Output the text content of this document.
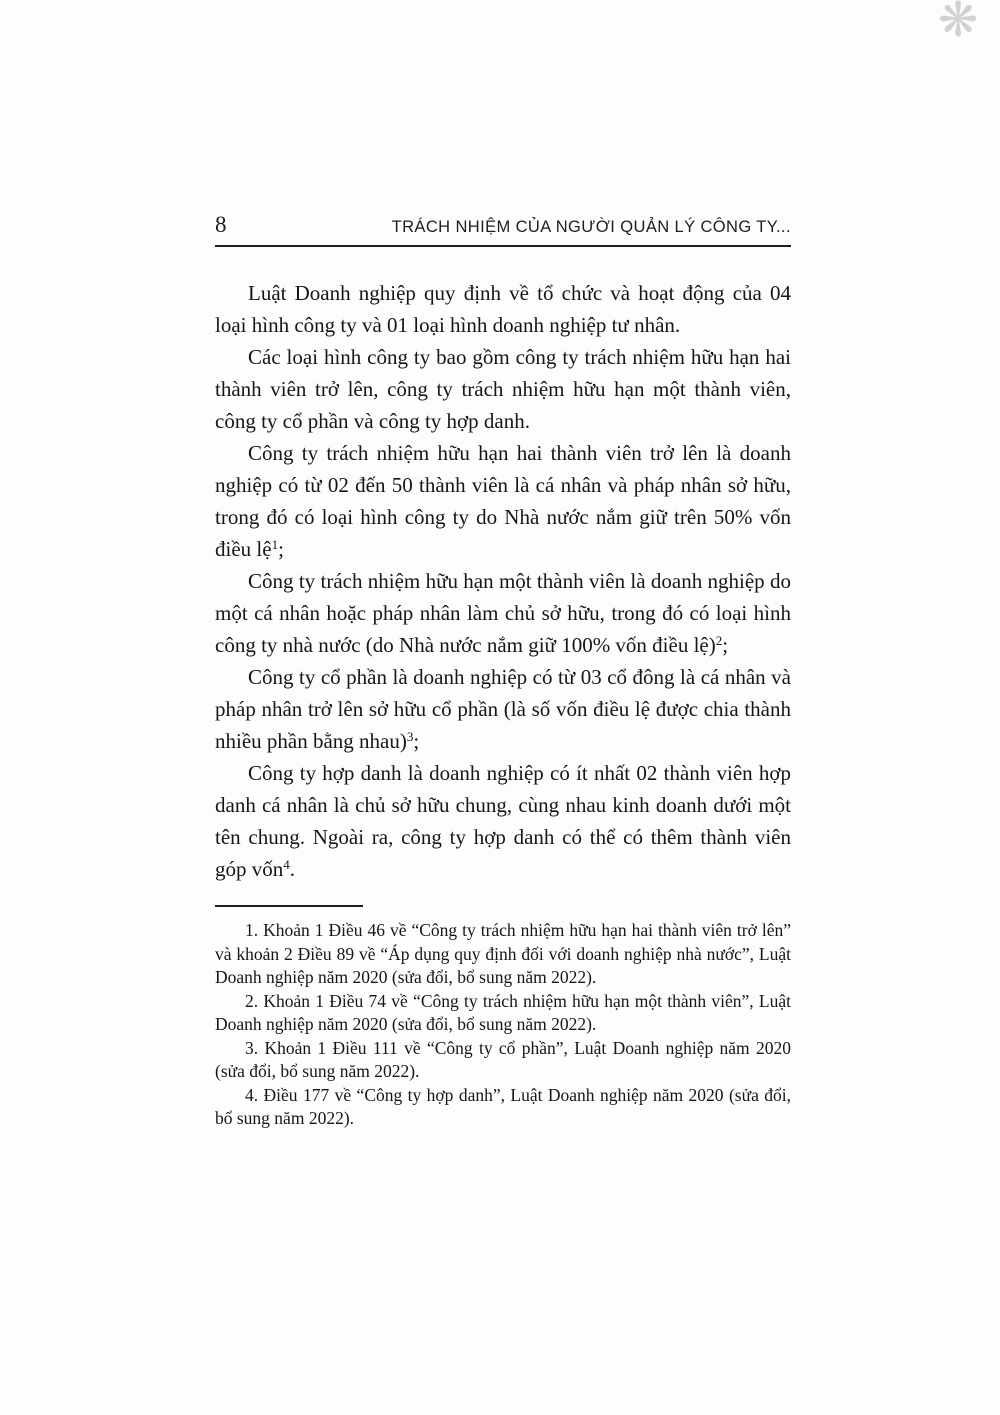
❋
8	TRÁCH NHIỆM CỦA NGƯỜI QUẢN LÝ CÔNG TY...

Luật Doanh nghiệp quy định về tổ chức và hoạt động của 04 loại hình công ty và 01 loại hình doanh nghiệp tư nhân.

Các loại hình công ty bao gồm công ty trách nhiệm hữu hạn hai thành viên trở lên, công ty trách nhiệm hữu hạn một thành viên, công ty cổ phần và công ty hợp danh.

Công ty trách nhiệm hữu hạn hai thành viên trở lên là doanh nghiệp có từ 02 đến 50 thành viên là cá nhân và pháp nhân sở hữu, trong đó có loại hình công ty do Nhà nước nắm giữ trên 50% vốn điều lệ$^1$;

Công ty trách nhiệm hữu hạn một thành viên là doanh nghiệp do một cá nhân hoặc pháp nhân làm chủ sở hữu, trong đó có loại hình công ty nhà nước (do Nhà nước nắm giữ 100% vốn điều lệ)$^2$;

Công ty cổ phần là doanh nghiệp có từ 03 cổ đông là cá nhân và pháp nhân trở lên sở hữu cổ phần (là số vốn điều lệ được chia thành nhiều phần bằng nhau)$^3$;

Công ty hợp danh là doanh nghiệp có ít nhất 02 thành viên hợp danh cá nhân là chủ sở hữu chung, cùng nhau kinh doanh dưới một tên chung. Ngoài ra, công ty hợp danh có thể có thêm thành viên góp vốn$^4$.

1. Khoản 1 Điều 46 về “Công ty trách nhiệm hữu hạn hai thành viên trở lên” và khoản 2 Điều 89 về “Áp dụng quy định đối với doanh nghiệp nhà nước”, Luật Doanh nghiệp năm 2020 (sửa đổi, bổ sung năm 2022).

2. Khoản 1 Điều 74 về “Công ty trách nhiệm hữu hạn một thành viên”, Luật Doanh nghiệp năm 2020 (sửa đổi, bổ sung năm 2022).

3. Khoản 1 Điều 111 về “Công ty cổ phần”, Luật Doanh nghiệp năm 2020 (sửa đổi, bổ sung năm 2022).

4. Điều 177 về “Công ty hợp danh”, Luật Doanh nghiệp năm 2020 (sửa đổi, bổ sung năm 2022).
